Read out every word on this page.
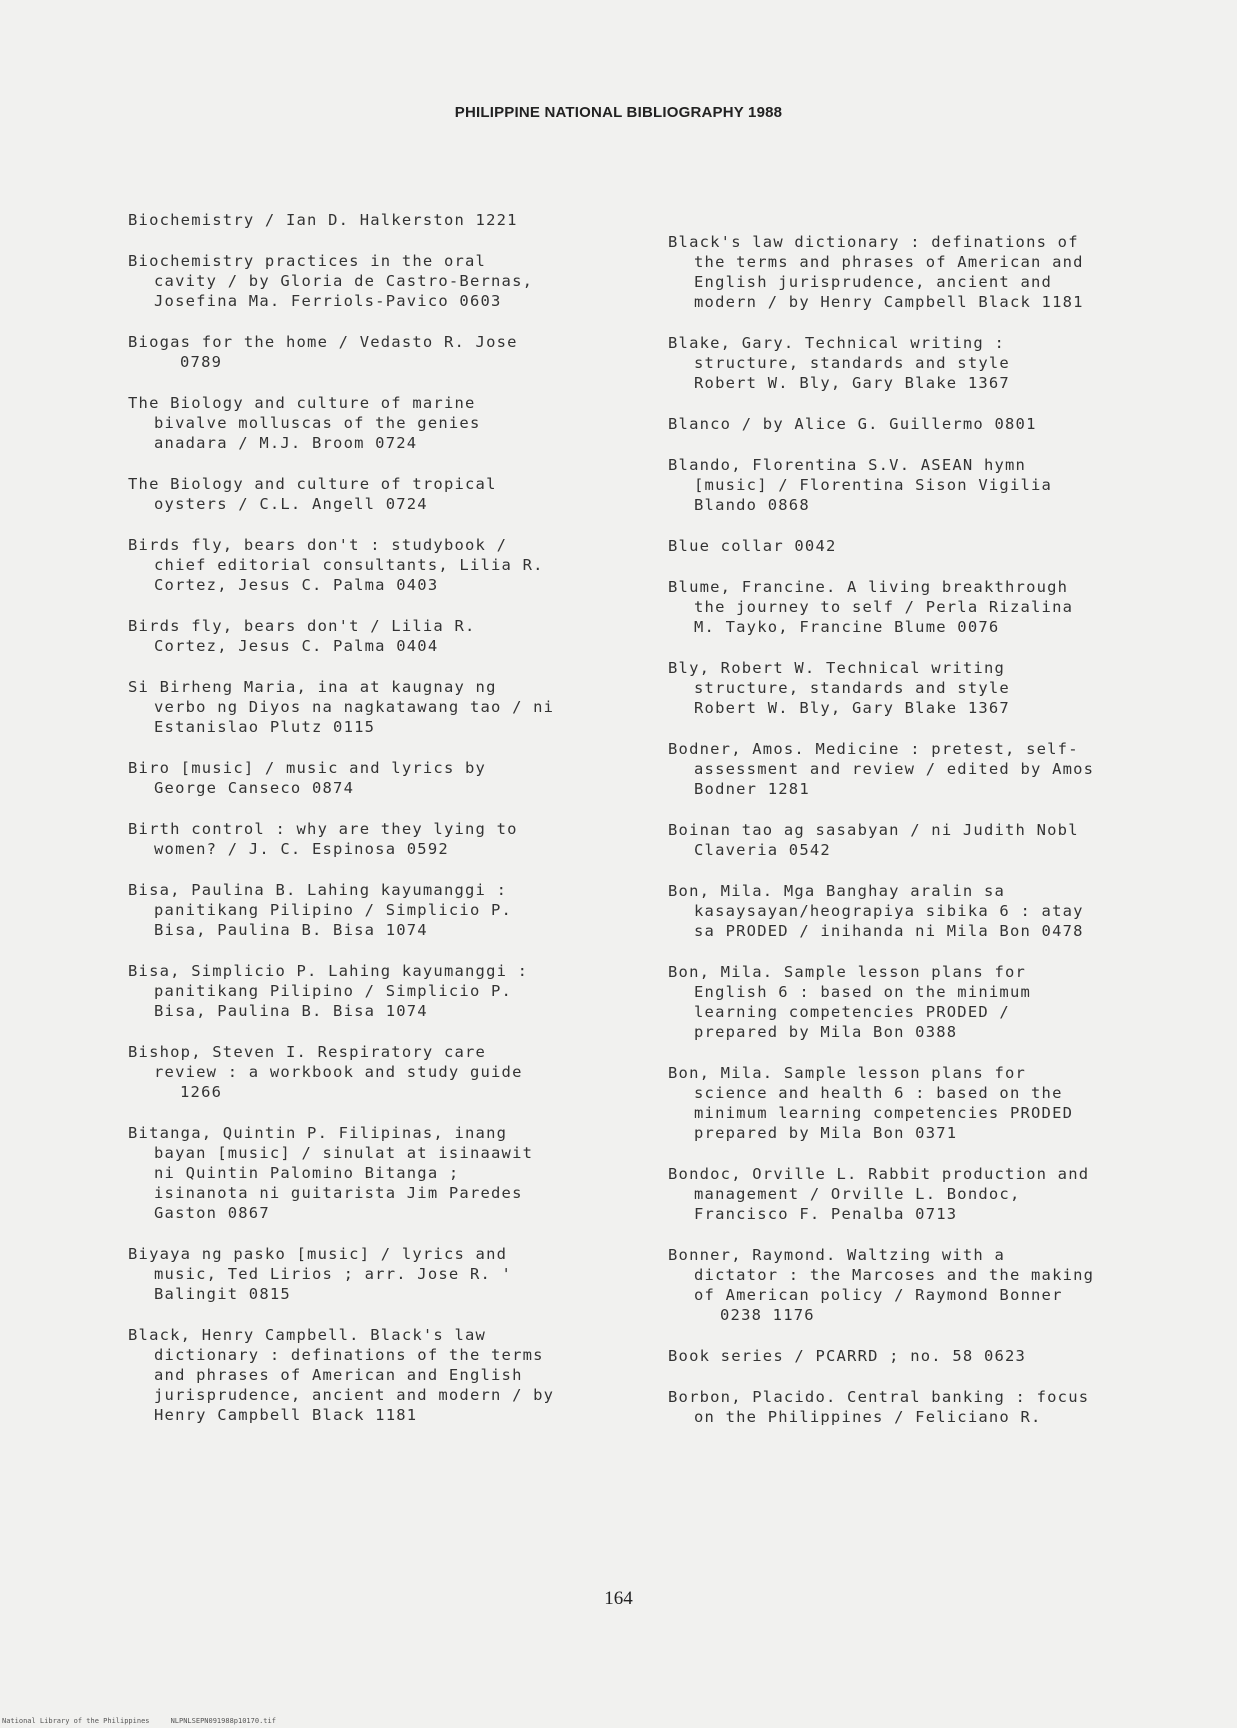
PHILIPPINE NATIONAL BIBLIOGRAPHY 1988
Biochemistry / Ian D. Halkerston 1221
Biochemistry practices in the oral
cavity / by Gloria de Castro-Bernas,
Josefina Ma. Ferriols-Pavico 0603
Biogas for the home / Vedasto R. Jose
0789
The Biology and culture of marine
bivalve molluscas of the genies
anadara / M.J. Broom 0724
The Biology and culture of tropical
oysters / C.L. Angell 0724
Birds fly, bears don't : studybook /
chief editorial consultants, Lilia R.
Cortez, Jesus C. Palma 0403
Birds fly, bears don't / Lilia R.
Cortez, Jesus C. Palma 0404
Si Birheng Maria, ina at kaugnay ng
verbo ng Diyos na nagkatawang tao / ni
Estanislao Plutz 0115
Biro [music] / music and lyrics by
George Canseco 0874
Birth control : why are they lying to
women? / J. C. Espinosa 0592
Bisa, Paulina B. Lahing kayumanggi :
panitikang Pilipino / Simplicio P.
Bisa, Paulina B. Bisa 1074
Bisa, Simplicio P. Lahing kayumanggi :
panitikang Pilipino / Simplicio P.
Bisa, Paulina B. Bisa 1074
Bishop, Steven I. Respiratory care
review : a workbook and study guide
1266
Bitanga, Quintin P. Filipinas, inang
bayan [music] / sinulat at isinaawit
ni Quintin Palomino Bitanga ;
isinanota ni guitarista Jim Paredes
Gaston 0867
Biyaya ng pasko [music] / lyrics and
music, Ted Lirios ; arr. Jose R. '
Balingit 0815
Black, Henry Campbell. Black's law
dictionary : definations of the terms
and phrases of American and English
jurisprudence, ancient and modern / by
Henry Campbell Black 1181
Black's law dictionary : definations of
the terms and phrases of American and
English jurisprudence, ancient and
modern / by Henry Campbell Black 1181
Blake, Gary. Technical writing :
structure, standards and style
Robert W. Bly, Gary Blake 1367
Blanco / by Alice G. Guillermo 0801
Blando, Florentina S.V. ASEAN hymn
[music] / Florentina Sison Vigilia
Blando 0868
Blue collar 0042
Blume, Francine. A living breakthrough
the journey to self / Perla Rizalina
M. Tayko, Francine Blume 0076
Bly, Robert W. Technical writing
structure, standards and style
Robert W. Bly, Gary Blake 1367
Bodner, Amos. Medicine : pretest, self-
assessment and review / edited by Amos
Bodner 1281
Boinan tao ag sasabyan / ni Judith Nobl
Claveria 0542
Bon, Mila. Mga Banghay aralin sa
kasaysayan/heograpiya sibika 6 : atay
sa PRODED / inihanda ni Mila Bon 0478
Bon, Mila. Sample lesson plans for
English 6 : based on the minimum
learning competencies PRODED /
prepared by Mila Bon 0388
Bon, Mila. Sample lesson plans for
science and health 6 : based on the
minimum learning competencies PRODED
prepared by Mila Bon 0371
Bondoc, Orville L. Rabbit production and
management / Orville L. Bondoc,
Francisco F. Penalba 0713
Bonner, Raymond. Waltzing with a
dictator : the Marcoses and the making
of American policy / Raymond Bonner
0238 1176
Book series / PCARRD ; no. 58 0623
Borbon, Placido. Central banking : focus
on the Philippines / Feliciano R.
164
National Library of the Philippines     NLPNLSEPN091988p10170.tif
